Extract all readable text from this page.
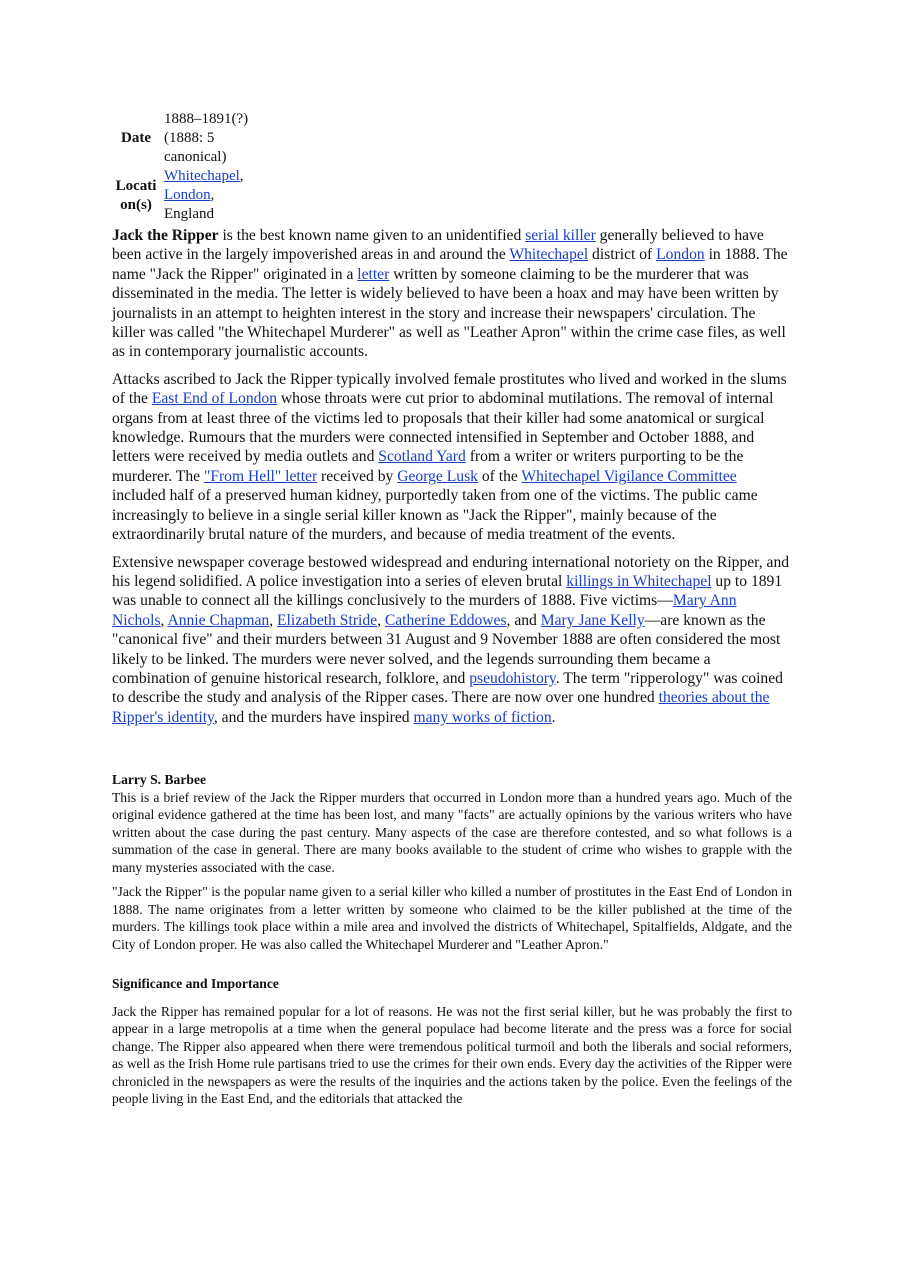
Date	1888–1891(?)
(1888: 5
canonical)
Location(s)	Whitechapel,
London,
England

Jack the Ripper is the best known name given to an unidentified serial killer generally believed to have been active in the largely impoverished areas in and around the Whitechapel district of London in 1888. The name "Jack the Ripper" originated in a letter written by someone claiming to be the murderer that was disseminated in the media. The letter is widely believed to have been a hoax and may have been written by journalists in an attempt to heighten interest in the story and increase their newspapers' circulation. The killer was called "the Whitechapel Murderer" as well as "Leather Apron" within the crime case files, as well as in contemporary journalistic accounts.

Attacks ascribed to Jack the Ripper typically involved female prostitutes who lived and worked in the slums of the East End of London whose throats were cut prior to abdominal mutilations. The removal of internal organs from at least three of the victims led to proposals that their killer had some anatomical or surgical knowledge. Rumours that the murders were connected intensified in September and October 1888, and letters were received by media outlets and Scotland Yard from a writer or writers purporting to be the murderer. The "From Hell" letter received by George Lusk of the Whitechapel Vigilance Committee included half of a preserved human kidney, purportedly taken from one of the victims. The public came increasingly to believe in a single serial killer known as "Jack the Ripper", mainly because of the extraordinarily brutal nature of the murders, and because of media treatment of the events.

Extensive newspaper coverage bestowed widespread and enduring international notoriety on the Ripper, and his legend solidified. A police investigation into a series of eleven brutal killings in Whitechapel up to 1891 was unable to connect all the killings conclusively to the murders of 1888. Five victims—Mary Ann Nichols, Annie Chapman, Elizabeth Stride, Catherine Eddowes, and Mary Jane Kelly—are known as the "canonical five" and their murders between 31 August and 9 November 1888 are often considered the most likely to be linked. The murders were never solved, and the legends surrounding them became a combination of genuine historical research, folklore, and pseudohistory. The term "ripperology" was coined to describe the study and analysis of the Ripper cases. There are now over one hundred theories about the Ripper's identity, and the murders have inspired many works of fiction.

Larry S. Barbee

This is a brief review of the Jack the Ripper murders that occurred in London more than a hundred years ago. Much of the original evidence gathered at the time has been lost, and many "facts" are actually opinions by the various writers who have written about the case during the past century. Many aspects of the case are therefore contested, and so what follows is a summation of the case in general. There are many books available to the student of crime who wishes to grapple with the many mysteries associated with the case.

"Jack the Ripper" is the popular name given to a serial killer who killed a number of prostitutes in the East End of London in 1888. The name originates from a letter written by someone who claimed to be the killer published at the time of the murders. The killings took place within a mile area and involved the districts of Whitechapel, Spitalfields, Aldgate, and the City of London proper. He was also called the Whitechapel Murderer and "Leather Apron."

Significance and Importance

Jack the Ripper has remained popular for a lot of reasons. He was not the first serial killer, but he was probably the first to appear in a large metropolis at a time when the general populace had become literate and the press was a force for social change. The Ripper also appeared when there were tremendous political turmoil and both the liberals and social reformers, as well as the Irish Home rule partisans tried to use the crimes for their own ends. Every day the activities of the Ripper were chronicled in the newspapers as were the results of the inquiries and the actions taken by the police. Even the feelings of the people living in the East End, and the editorials that attacked the
